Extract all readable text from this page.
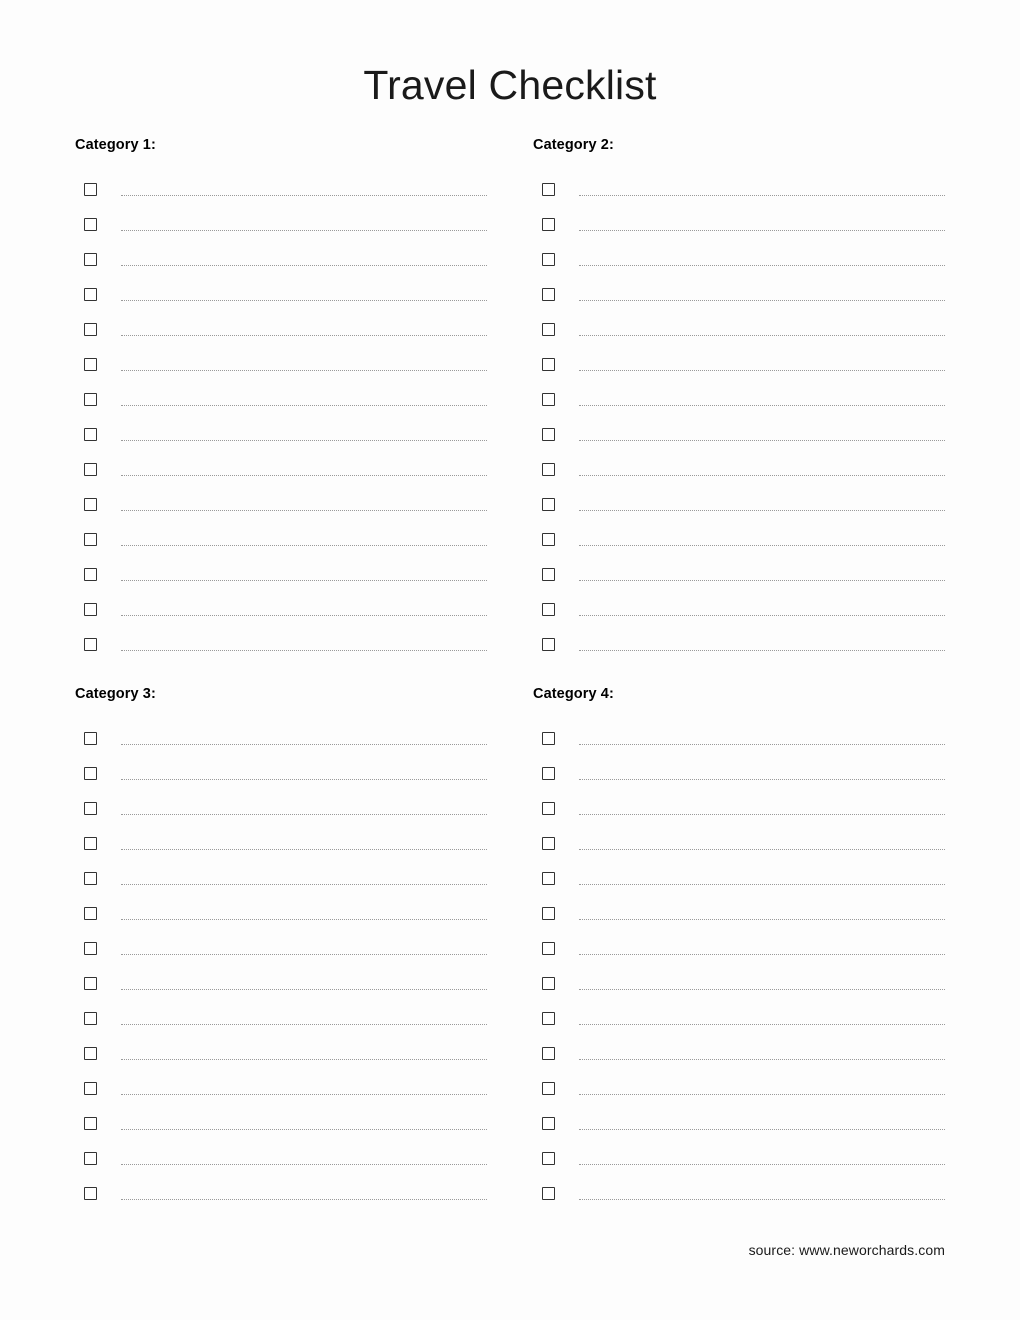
Travel Checklist
Category 1:	Category 2:
Category 3:	Category 4:
source: www.neworchards.com
